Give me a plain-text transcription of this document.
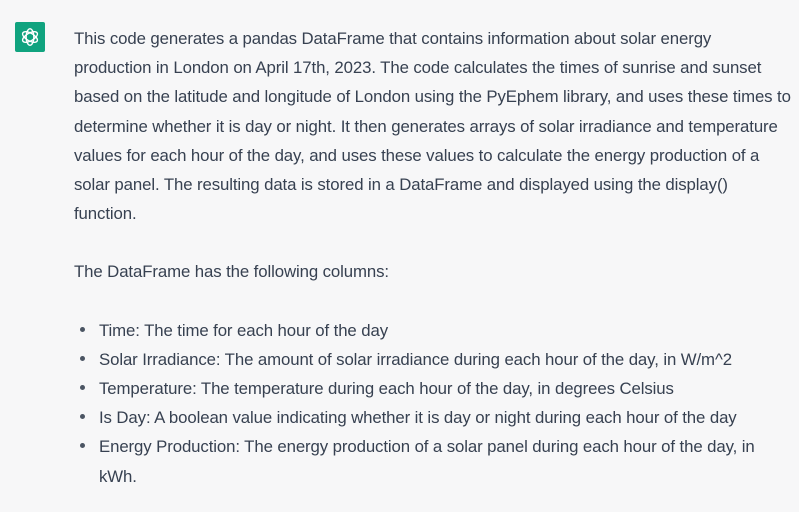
This code generates a pandas DataFrame that contains information about solar energy production in London on April 17th, 2023. The code calculates the times of sunrise and sunset based on the latitude and longitude of London using the PyEphem library, and uses these times to determine whether it is day or night. It then generates arrays of solar irradiance and temperature values for each hour of the day, and uses these values to calculate the energy production of a solar panel. The resulting data is stored in a DataFrame and displayed using the display() function.

The DataFrame has the following columns:

Time: The time for each hour of the day
Solar Irradiance: The amount of solar irradiance during each hour of the day, in W/m^2
Temperature: The temperature during each hour of the day, in degrees Celsius
Is Day: A boolean value indicating whether it is day or night during each hour of the day
Energy Production: The energy production of a solar panel during each hour of the day, in kWh.
